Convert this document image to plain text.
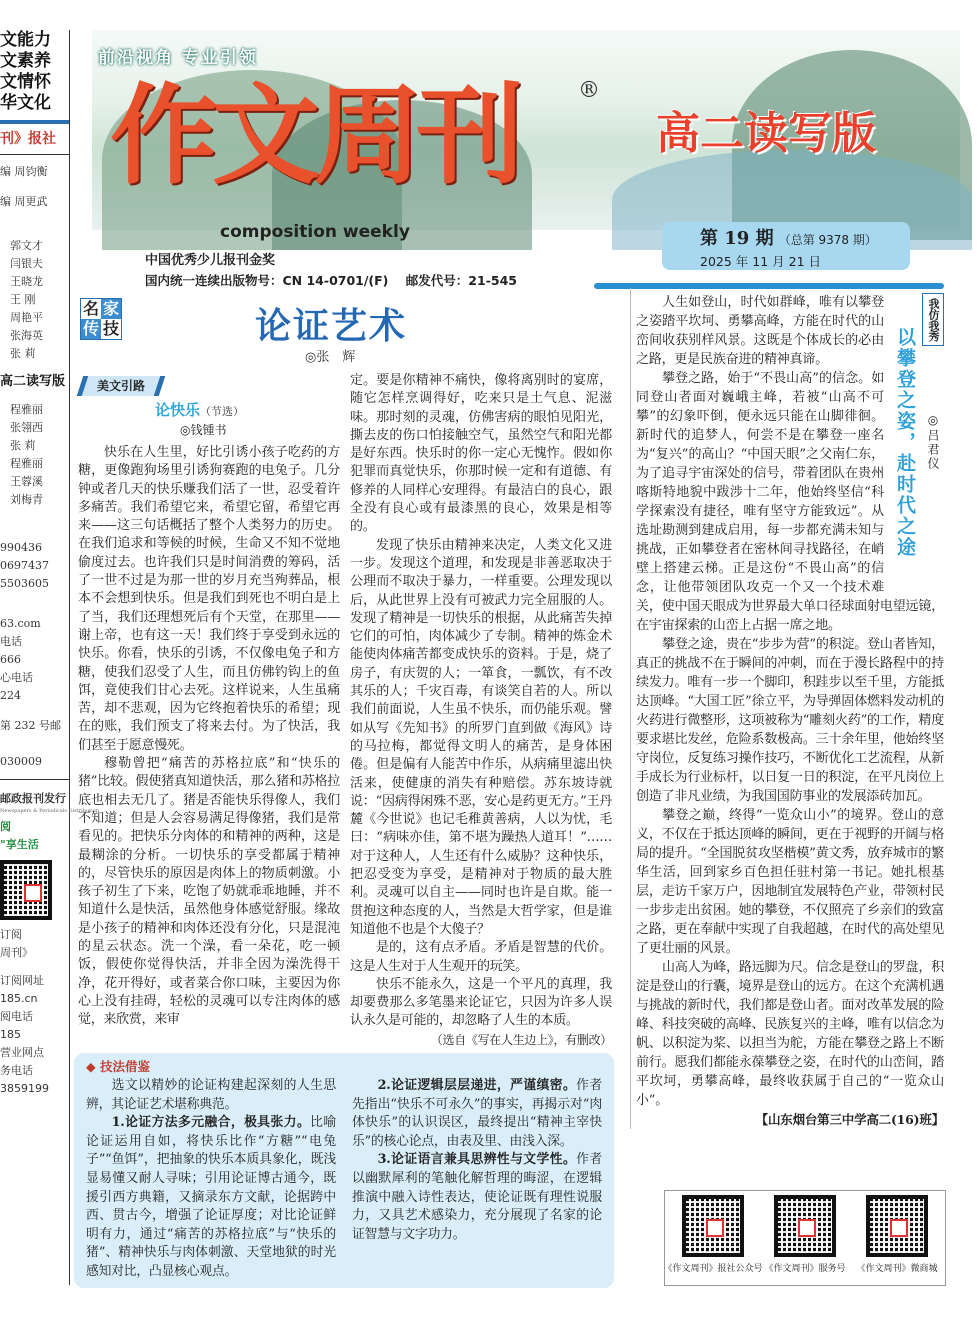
文能力
文素养
文情怀
华文化
刊》报社
编 周钧衡
编 周更武
郭文才
闫银夫
王晓龙
王 刚
周艳平
张海英
张 莉
高二读写版
程雅丽
张翎西
张 莉
程雅丽
王蓉溪
刘梅青
990436
0697437
5503605
63.com
电话
666
心电话
224
第 232 号邮
030009
邮政报刊发行
Newspapers & Periodicals Distribution
阅
"享生活
订阅
周刊》
订阅网址
185.cn
阅电话
185
营业网点
务电话
3859199
前沿视角 专业引领
作文周刊	®
composition weekly
高二读写版
中国优秀少儿报刊金奖
国内统一连续出版物号：CN 14-0701/(F)    邮发代号：21-545
第 19 期 （总第 9378 期）
2025 年 11 月 21 日
名 家
传 技	论证艺术
◎张　辉
美文引路
论快乐（节选）
◎钱锺书

快乐在人生里，好比引诱小孩子吃药的方糖，更像跑狗场里引诱狗赛跑的电兔子。几分钟或者几天的快乐赚我们活了一世，忍受着许多痛苦。我们希望它来，希望它留，希望它再来——这三句话概括了整个人类努力的历史。在我们追求和等候的时候，生命又不知不觉地偷度过去。也许我们只是时间消费的筹码，活了一世不过是为那一世的岁月充当殉葬品，根本不会想到快乐。但是我们到死也不明白是上了当，我们还理想死后有个天堂，在那里——谢上帝，也有这一天！我们终于享受到永远的快乐。你看，快乐的引诱，不仅像电兔子和方糖，使我们忍受了人生，而且仿佛钓钩上的鱼饵，竟使我们甘心去死。这样说来，人生虽痛苦，却不悲观，因为它终抱着快乐的希望；现在的账，我们预支了将来去付。为了快活，我们甚至于愿意慢死。

穆勒曾把“痛苦的苏格拉底”和“快乐的猪”比较。假使猪真知道快活，那么猪和苏格拉底也相去无几了。猪是否能快乐得像人，我们不知道；但是人会容易满足得像猪，我们是常看见的。把快乐分肉体的和精神的两种，这是最糊涂的分析。一切快乐的享受都属于精神的，尽管快乐的原因是肉体上的物质刺激。小孩子初生了下来，吃饱了奶就乖乖地睡，并不知道什么是快活，虽然他身体感觉舒服。缘故是小孩子的精神和肉体还没有分化，只是混沌的星云状态。洗一个澡，看一朵花，吃一顿饭，假使你觉得快活，并非全因为澡洗得干净，花开得好，或者菜合你口味，主要因为你心上没有挂碍，轻松的灵魂可以专注肉体的感觉，来欣赏，来审

定。要是你精神不痛快，像将离别时的宴席，随它怎样烹调得好，吃来只是土气息、泥滋味。那时刻的灵魂，仿佛害病的眼怕见阳光，撕去皮的伤口怕接触空气，虽然空气和阳光都是好东西。快乐时的你一定心无愧怍。假如你犯罪而真觉快乐，你那时候一定和有道德、有修养的人同样心安理得。有最洁白的良心，跟全没有良心或有最漆黑的良心，效果是相等的。

发现了快乐由精神来决定，人类文化又进一步。发现这个道理，和发现是非善恶取决于公理而不取决于暴力，一样重要。公理发现以后，从此世界上没有可被武力完全屈服的人。发现了精神是一切快乐的根据，从此痛苦失掉它们的可怕，肉体减少了专制。精神的炼金术能使肉体痛苦都变成快乐的资料。于是，烧了房子，有庆贺的人；一箪食，一瓢饮，有不改其乐的人；千灾百毒，有谈笑自若的人。所以我们前面说，人生虽不快乐，而仍能乐观。譬如从写《先知书》的所罗门直到做《海风》诗的马拉梅，都觉得文明人的痛苦，是身体困倦。但是偏有人能苦中作乐，从病痛里滤出快活来，使健康的消失有种赔偿。苏东坡诗就说：“因病得闲殊不恶，安心是药更无方。”王丹麓《今世说》也记毛稚黄善病，人以为忧，毛曰：“病味亦佳，第不堪为躁热人道耳！”……对于这种人，人生还有什么威胁？这种快乐，把忍受变为享受，是精神对于物质的最大胜利。灵魂可以自主——同时也许是自欺。能一贯抱这种态度的人，当然是大哲学家，但是谁知道他不也是个大傻子？

是的，这有点矛盾。矛盾是智慧的代价。这是人生对于人生观开的玩笑。

快乐不能永久，这是一个平凡的真理，我却要费那么多笔墨来论证它，只因为许多人误认永久是可能的，却忽略了人生的本质。

（选自《写在人生边上》，有删改）
◆ 技法借鉴

选文以精妙的论证构建起深刻的人生思辨，其论证艺术堪称典范。

1.论证方法多元融合，极具张力。比喻论证运用自如，将快乐比作“方糖”“电兔子”“鱼饵”，把抽象的快乐本质具象化，既浅显易懂又耐人寻味；引用论证博古通今，既援引西方典籍，又摘录东方文献，论据跨中西、贯古今，增强了论证厚度；对比论证鲜明有力，通过“痛苦的苏格拉底”与“快乐的猪”、精神快乐与肉体刺激、天堂地狱的时光感知对比，凸显核心观点。

2.论证逻辑层层递进，严谨缜密。作者先指出“快乐不可永久”的事实，再揭示对“肉体快乐”的认识误区，最终提出“精神主宰快乐”的核心论点，由表及里、由浅入深。

3.论证语言兼具思辨性与文学性。作者以幽默犀利的笔触化解哲理的晦涩，在逻辑推演中融入诗性表达，使论证既有理性说服力，又具艺术感染力，充分展现了名家的论证智慧与文字功力。

我仿我秀
以攀登之姿，赴时代之途 ◎吕君仪

人生如登山，时代如群峰，唯有以攀登之姿踏平坎坷、勇攀高峰，方能在时代的山峦间收获别样风景。这既是个体成长的必由之路，更是民族奋进的精神真谛。

攀登之路，始于“不畏山高”的信念。如同登山者面对巍峨主峰，若被“山高不可攀”的幻象吓倒，便永远只能在山脚徘徊。新时代的追梦人，何尝不是在攀登一座名为“复兴”的高山？“中国天眼”之父南仁东，为了追寻宇宙深处的信号，带着团队在贵州喀斯特地貌中跋涉十二年，他始终坚信“科学探索没有捷径，唯有坚守方能致远”。从选址勘测到建成启用，每一步都充满未知与挑战，正如攀登者在密林间寻找路径，在峭壁上搭建云梯。正是这份“不畏山高”的信念，让他带领团队攻克一个又一个技术难关，使中国天眼成为世界最大单口径球面射电望远镜，在宇宙探索的山峦上占据一席之地。

攀登之途，贵在“步步为营”的积淀。登山者皆知，真正的挑战不在于瞬间的冲刺，而在于漫长路程中的持续发力。唯有一步一个脚印，积跬步以至千里，方能抵达顶峰。“大国工匠”徐立平，为导弹固体燃料发动机的火药进行微整形，这项被称为“雕刻火药”的工作，精度要求堪比发丝，危险系数极高。三十余年里，他始终坚守岗位，反复练习操作技巧，不断优化工艺流程，从新手成长为行业标杆，以日复一日的积淀，在平凡岗位上创造了非凡业绩，为我国国防事业的发展添砖加瓦。

攀登之巅，终得“一览众山小”的境界。登山的意义，不仅在于抵达顶峰的瞬间，更在于视野的开阔与格局的提升。“全国脱贫攻坚楷模”黄文秀，放弃城市的繁华生活，回到家乡百色担任驻村第一书记。她扎根基层，走访千家万户，因地制宜发展特色产业，带领村民一步步走出贫困。她的攀登，不仅照亮了乡亲们的致富之路，更在奉献中实现了自我超越，在时代的高处望见了更壮丽的风景。

山高人为峰，路远脚为尺。信念是登山的罗盘，积淀是登山的行囊，境界是登山的远方。在这个充满机遇与挑战的新时代，我们都是登山者。面对改革发展的险峰、科技突破的高峰、民族复兴的主峰，唯有以信念为帆、以积淀为桨、以担当为舵，方能在攀登之路上不断前行。愿我们都能永葆攀登之姿，在时代的山峦间，踏平坎坷，勇攀高峰，最终收获属于自己的“一览众山小”。

【山东烟台第三中学高二(16)班】
《作文周刊》报社公众号 《作文周刊》服务号 《作文周刊》微商城
